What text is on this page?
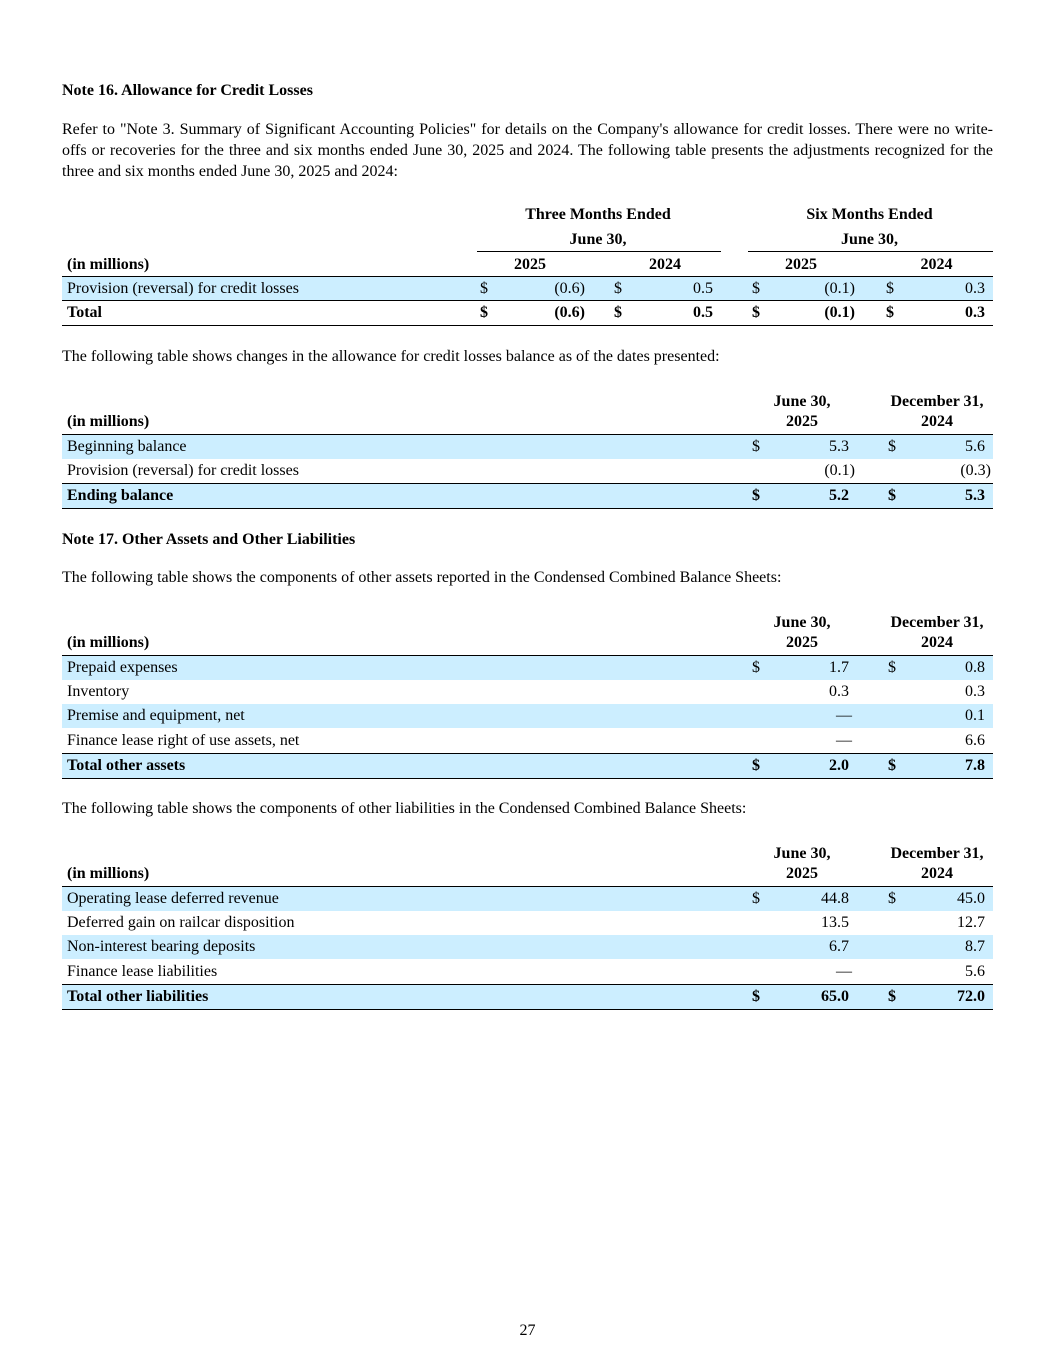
Note 16. Allowance for Credit Losses
Refer to "Note 3. Summary of Significant Accounting Policies" for details on the Company's allowance for credit losses. There were no write-offs or recoveries for the three and six months ended June 30, 2025 and 2024. The following table presents the adjustments recognized for the three and six months ended June 30, 2025 and 2024:
Three Months Ended
June 30,
Six Months Ended
June 30,
(in millions)	2025	2024	2025	2024
Provision (reversal) for credit losses	$	(0.6) $	0.5 $	(0.1) $	0.3
Total	$	(0.6) $	0.5 $	(0.1) $	0.3
The following table shows changes in the allowance for credit losses balance as of the dates presented:
June 30,
2025
December 31,
2024
(in millions)
Beginning balance	$	5.3 $	5.6
Provision (reversal) for credit losses	(0.1)	(0.3)
Ending balance	$	5.2 $	5.3
Note 17. Other Assets and Other Liabilities
The following table shows the components of other assets reported in the Condensed Combined Balance Sheets:
June 30,
2025
December 31,
2024
(in millions)
Prepaid expenses	$	1.7 $	0.8
Inventory	0.3	0.3
Premise and equipment, net	—	0.1
Finance lease right of use assets, net	—	6.6
Total other assets	$	2.0 $	7.8
The following table shows the components of other liabilities in the Condensed Combined Balance Sheets:
June 30,
2025
December 31,
2024
(in millions)
Operating lease deferred revenue	$	44.8 $	45.0
Deferred gain on railcar disposition	13.5	12.7
Non-interest bearing deposits	6.7	8.7
Finance lease liabilities	—	5.6
Total other liabilities	$	65.0 $	72.0
27
